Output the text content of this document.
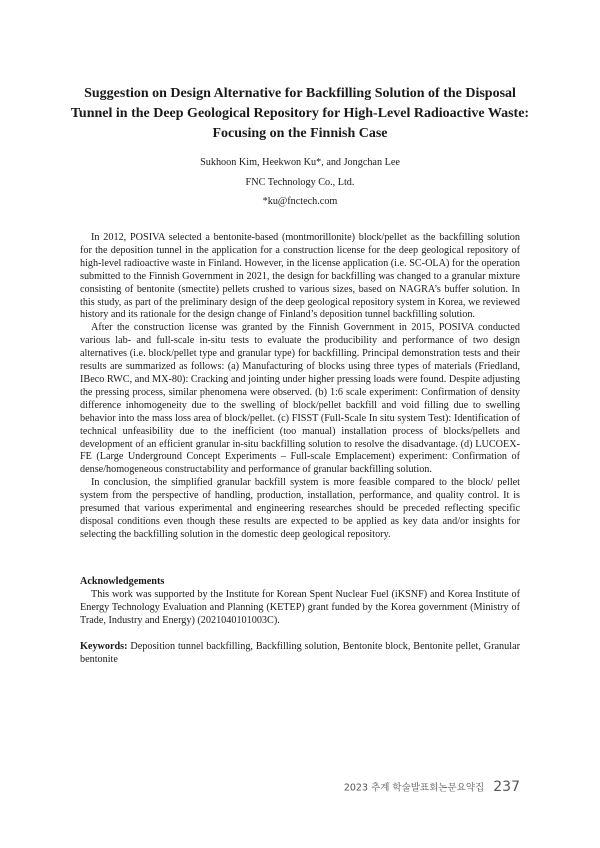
Suggestion on Design Alternative for Backfilling Solution of the Disposal
Tunnel in the Deep Geological Repository for High-Level Radioactive Waste:
Focusing on the Finnish Case
Sukhoon Kim, Heekwon Ku*, and Jongchan Lee
FNC Technology Co., Ltd.
*ku@fnctech.com

In 2012, POSIVA selected a bentonite-based (montmorillonite) block/pellet as the backfilling solution for the deposition tunnel in the application for a construction license for the deep geological repository of high-level radioactive waste in Finland. However, in the license application (i.e. SC-OLA) for the operation submitted to the Finnish Government in 2021, the design for backfilling was changed to a granular mixture consisting of bentonite (smectite) pellets crushed to various sizes, based on NAGRA’s buffer solution. In this study, as part of the preliminary design of the deep geological repository system in Korea, we reviewed history and its rationale for the design change of Finland’s deposition tunnel backfilling solution.

After the construction license was granted by the Finnish Government in 2015, POSIVA conducted various lab- and full-scale in-situ tests to evaluate the producibility and performance of two design alternatives (i.e. block/pellet type and granular type) for backfilling. Principal demonstration tests and their results are summarized as follows: (a) Manufacturing of blocks using three types of materials (Friedland, IBeco RWC, and MX-80): Cracking and jointing under higher pressing loads were found. Despite adjusting the pressing process, similar phenomena were observed. (b) 1:6 scale experiment: Confirmation of density difference inhomogeneity due to the swelling of block/pellet backfill and void filling due to swelling behavior into the mass loss area of block/pellet. (c) FISST (Full-Scale In situ system Test): Identification of technical unfeasibility due to the inefficient (too manual) installation process of blocks/pellets and development of an efficient granular in-situ backfilling solution to resolve the disadvantage. (d) LUCOEX-FE (Large Underground Concept Experiments – Full-scale Emplacement) experiment: Confirmation of dense/homogeneous constructability and performance of granular backfilling solution.

In conclusion, the simplified granular backfill system is more feasible compared to the block/ pellet system from the perspective of handling, production, installation, performance, and quality control. It is presumed that various experimental and engineering researches should be preceded reflecting specific disposal conditions even though these results are expected to be applied as key data and/or insights for selecting the backfilling solution in the domestic deep geological repository.

Acknowledgements

This work was supported by the Institute for Korean Spent Nuclear Fuel (iKSNF) and Korea Institute of Energy Technology Evaluation and Planning (KETEP) grant funded by the Korea government (Ministry of Trade, Industry and Energy) (2021040101003C).

Keywords: Deposition tunnel backfilling, Backfilling solution, Bentonite block, Bentonite pellet, Granular bentonite

2023 추계 학술발표회논문요약집 237
